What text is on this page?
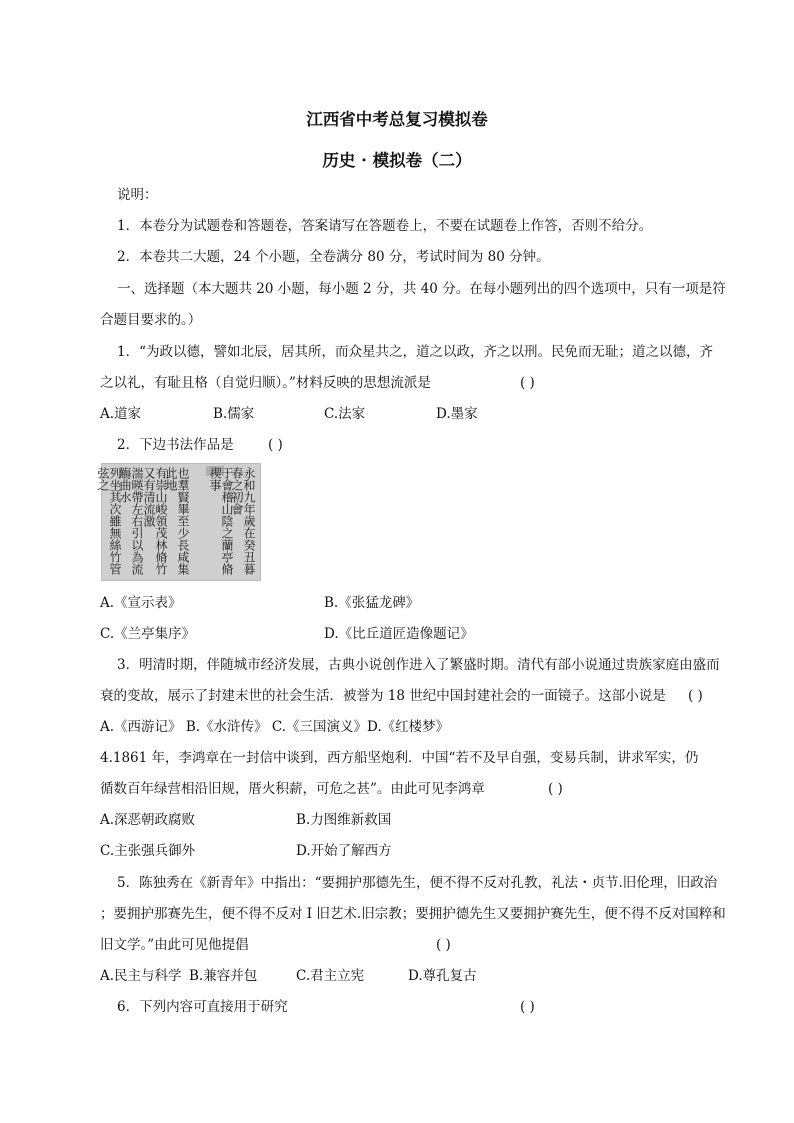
江西省中考总复习模拟卷
历史 · 模拟卷（二）
说明：
1．本卷分为试题卷和答题卷，答案请写在答题卷上，不要在试题卷上作答，否则不给分。
2．本卷共二大题，24 个小题，全卷满分 80 分，考试时间为 80 分钟。
一、选择题（本大题共 20 小题，每小题 2 分，共 40 分。在每小题列出的四个选项中，只有一项是符
合题目要求的。）
1．“为政以德，譬如北辰，居其所，而众星共之，道之以政，齐之以刑。民免而无耻；道之以德，齐
之以礼，有耻且格（自觉归顺）。”材料反映的思想流派是	( )
A.道家	B.儒家	C.法家	D.墨家
2．下边书法作品是	( )
永和九年歲在癸丑暮春之初會
于會稽山陰之蘭亭脩禊事
也羣賢畢至少長咸集此地
有崇山峻領茂林脩竹又有清流激
湍暎帶左右引以為流觴曲水
列坐其次雖無絲竹管弦之
A.《宣示表》	B.《张猛龙碑》
C.《兰亭集序》	D.《比丘道匠造像题记》
3．明清时期，伴随城市经济发展，古典小说创作进入了繁盛时期。清代有部小说通过贵族家庭由盛而
衰的变故，展示了封建末世的社会生活．被誉为 18 世纪中国封建社会的一面镜子。这部小说是 ( )
A.《西游记》 B.《水浒传》 C.《三国演义》D.《红楼梦》
4.1861 年，李鸿章在一封信中谈到，西方船坚炮利．中国“若不及早自强，变易兵制，讲求军实，仍
循数百年绿营相沿旧规，厝火积薪，可危之甚”。由此可见李鸿章	( )
A.深恶朝政腐败	B.力图维新救国
C.主张强兵御外	D.开始了解西方
5．陈独秀在《新青年》中指出：“要拥护那德先生，便不得不反对孔教，礼法・贞节.旧伦理，旧政治
；要拥护那赛先生，便不得不反对 I 旧艺术.旧宗教；要拥护德先生又要拥护赛先生，便不得不反对国粹和
旧文学。”由此可见他提倡	( )
A.民主与科学 B.兼容并包	C.君主立宪	D.尊孔复古
6．下列内容可直接用于研究	( )
